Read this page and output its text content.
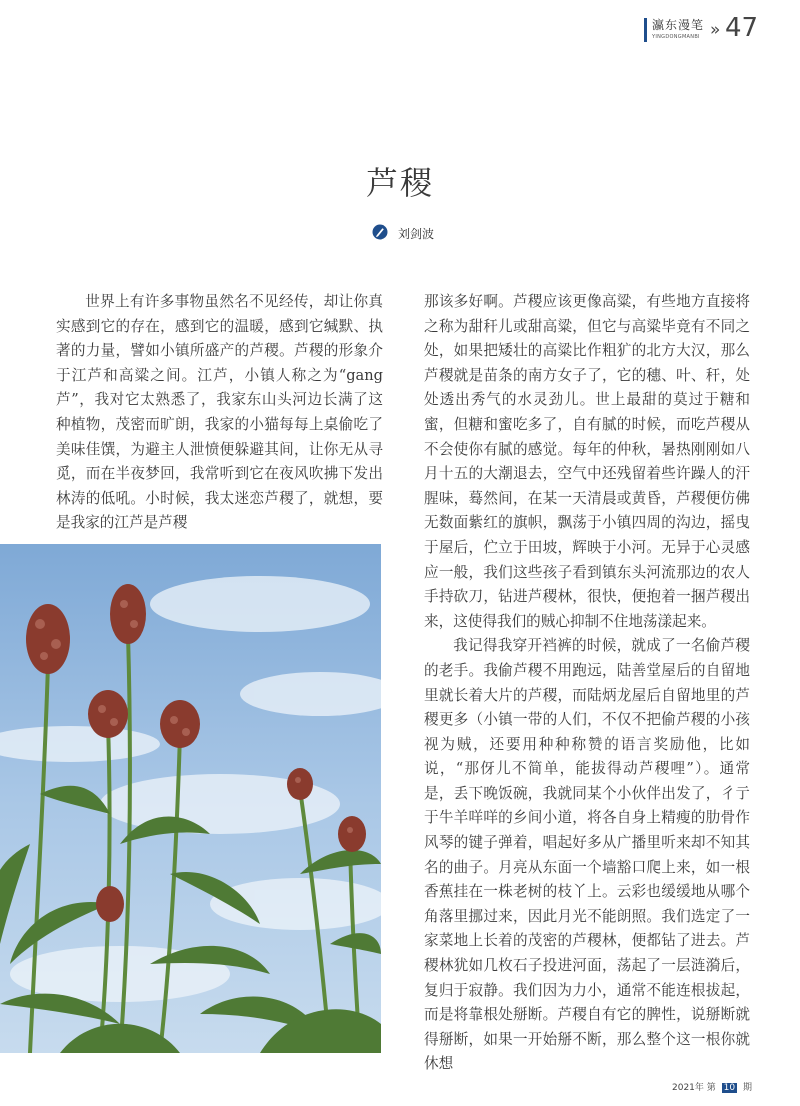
瀛东漫笔
YINGDONGMANBI » 47
芦稷
刘剑波

世界上有许多事物虽然名不见经传，却让你真实感到它的存在，感到它的温暖，感到它缄默、执著的力量，譬如小镇所盛产的芦稷。芦稷的形象介于江芦和高粱之间。江芦，小镇人称之为“gang芦”，我对它太熟悉了，我家东山头河边长满了这种植物，茂密而旷朗，我家的小猫每每上桌偷吃了美味佳馔，为避主人泄愤便躲避其间，让你无从寻觅，而在半夜梦回，我常听到它在夜风吹拂下发出林涛的低吼。小时候，我太迷恋芦稷了，就想，要是我家的江芦是芦稷

那该多好啊。芦稷应该更像高粱，有些地方直接将之称为甜秆儿或甜高粱，但它与高粱毕竟有不同之处，如果把矮壮的高粱比作粗犷的北方大汉，那么芦稷就是苗条的南方女子了，它的穗、叶、秆，处处透出秀气的水灵劲儿。世上最甜的莫过于糖和蜜，但糖和蜜吃多了，自有腻的时候，而吃芦稷从不会使你有腻的感觉。每年的仲秋，暑热刚刚如八月十五的大潮退去，空气中还残留着些许躁人的汗腥味，蓦然间，在某一天清晨或黄昏，芦稷便仿佛无数面紫红的旗帜，飘荡于小镇四周的沟边，摇曳于屋后，伫立于田坡，辉映于小河。无异于心灵感应一般，我们这些孩子看到镇东头河流那边的农人手持砍刀，钻进芦稷林，很快，便抱着一捆芦稷出来，这使得我们的贼心抑制不住地荡漾起来。

我记得我穿开裆裤的时候，就成了一名偷芦稷的老手。我偷芦稷不用跑远，陆善堂屋后的自留地里就长着大片的芦稷，而陆炳龙屋后自留地里的芦稷更多（小镇一带的人们，不仅不把偷芦稷的小孩视为贼，还要用种种称赞的语言奖励他，比如说，“那伢儿不简单，能拔得动芦稷哩”）。通常是，丢下晚饭碗，我就同某个小伙伴出发了，彳亍于牛羊咩咩的乡间小道，将各自身上精瘦的肋骨作风琴的键子弹着，唱起好多从广播里听来却不知其名的曲子。月亮从东面一个墙豁口爬上来，如一根香蕉挂在一株老树的枝丫上。云彩也缓缓地从哪个角落里挪过来，因此月光不能朗照。我们选定了一家菜地上长着的茂密的芦稷林，便都钻了进去。芦稷林犹如几枚石子投进河面，荡起了一层涟漪后，复归于寂静。我们因为力小，通常不能连根拔起，而是将靠根处掰断。芦稷自有它的脾性，说掰断就得掰断，如果一开始掰不断，那么整个这一根你就休想

2021年 第 10 期
